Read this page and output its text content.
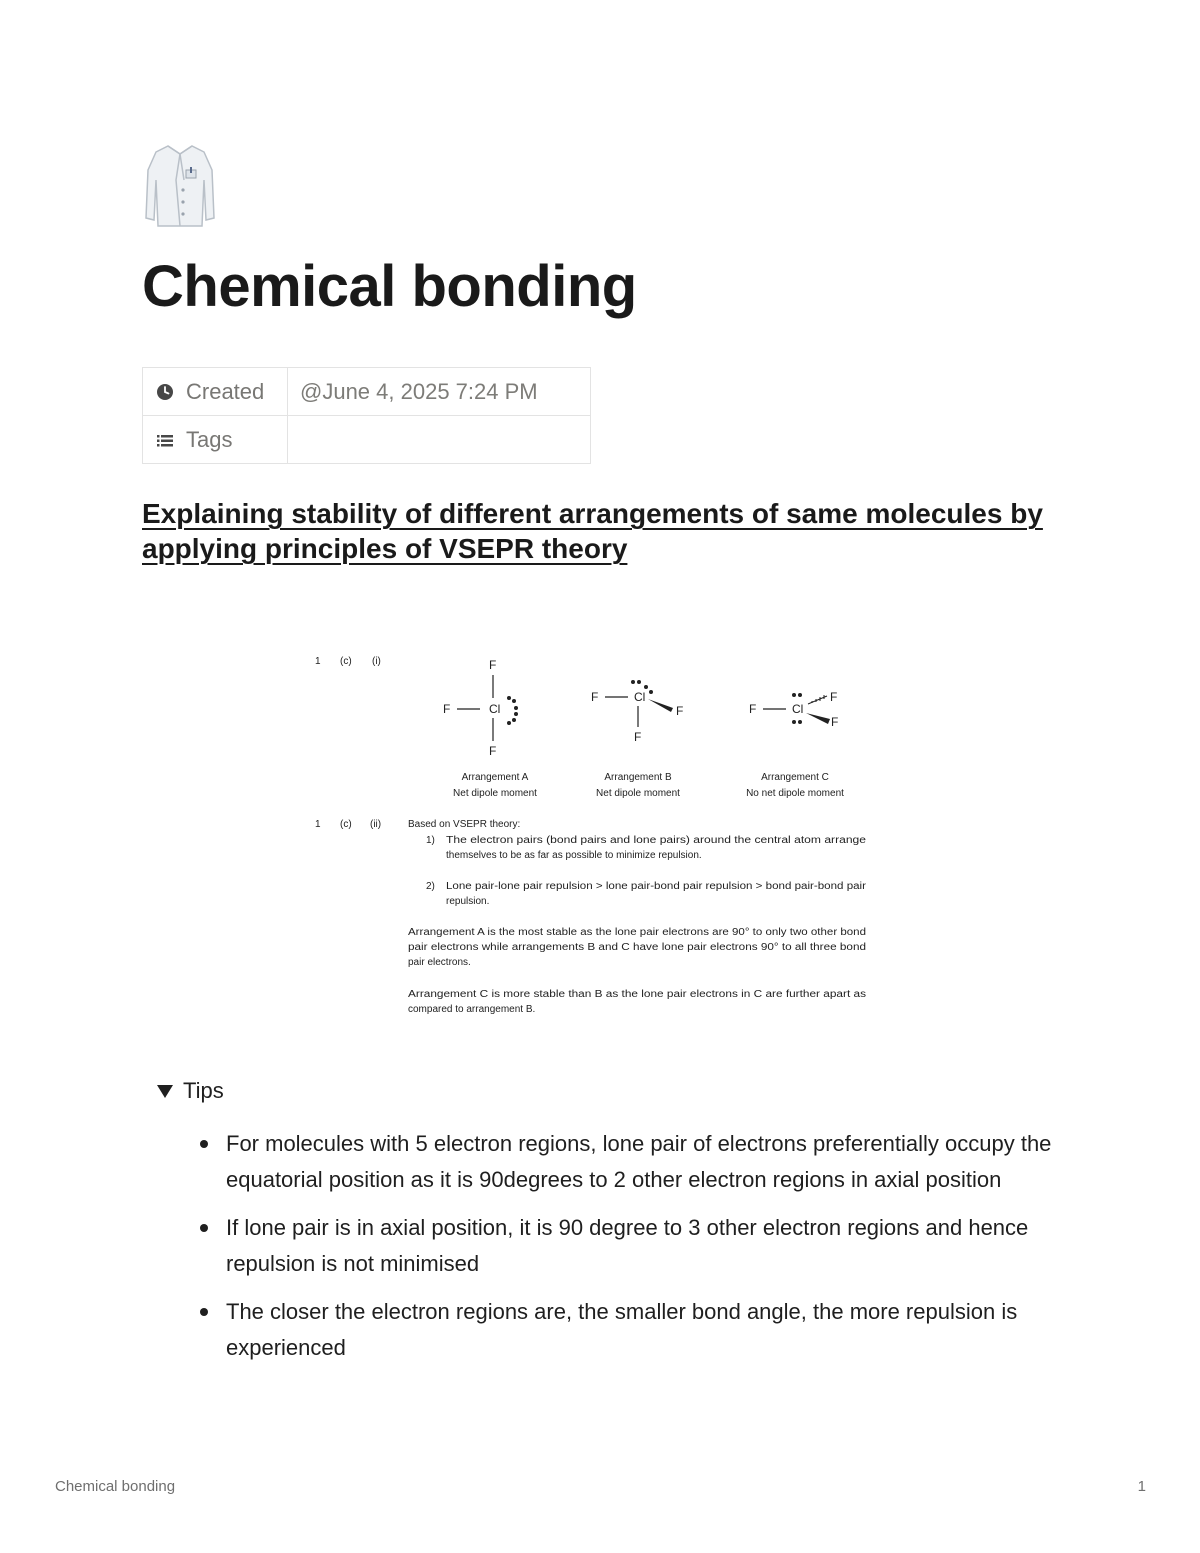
Chemical bonding
Created	@June 4, 2025 7:24 PM

Tags	

Explaining stability of different arrangements of same molecules by applying principles of VSEPR theory
1 (c) (i)	F
F	Cl
F
F	Cl
F
F
F	Cl
F
F
Arrangement A
Net dipole moment
Arrangement B
Net dipole moment
Arrangement C
No net dipole moment
1 (c) (ii)	Based on VSEPR theory:
1) The electron pairs (bond pairs and lone pairs) around the central atom arrange
themselves to be as far as possible to minimize repulsion.
2) Lone pair-lone pair repulsion > lone pair-bond pair repulsion > bond pair-bond pair
repulsion.
Arrangement A is the most stable as the lone pair electrons are 90° to only two other bond
pair electrons while arrangements B and C have lone pair electrons 90° to all three bond
pair electrons.
Arrangement C is more stable than B as the lone pair electrons in C are further apart as
compared to arrangement B.
Tips
For molecules with 5 electron regions, lone pair of electrons preferentially occupy the equatorial position as it is 90degrees to 2 other electron regions in axial position
If lone pair is in axial position, it is 90 degree to 3 other electron regions and hence repulsion is not minimised
The closer the electron regions are, the smaller bond angle, the more repulsion is experienced
Chemical bonding	1
